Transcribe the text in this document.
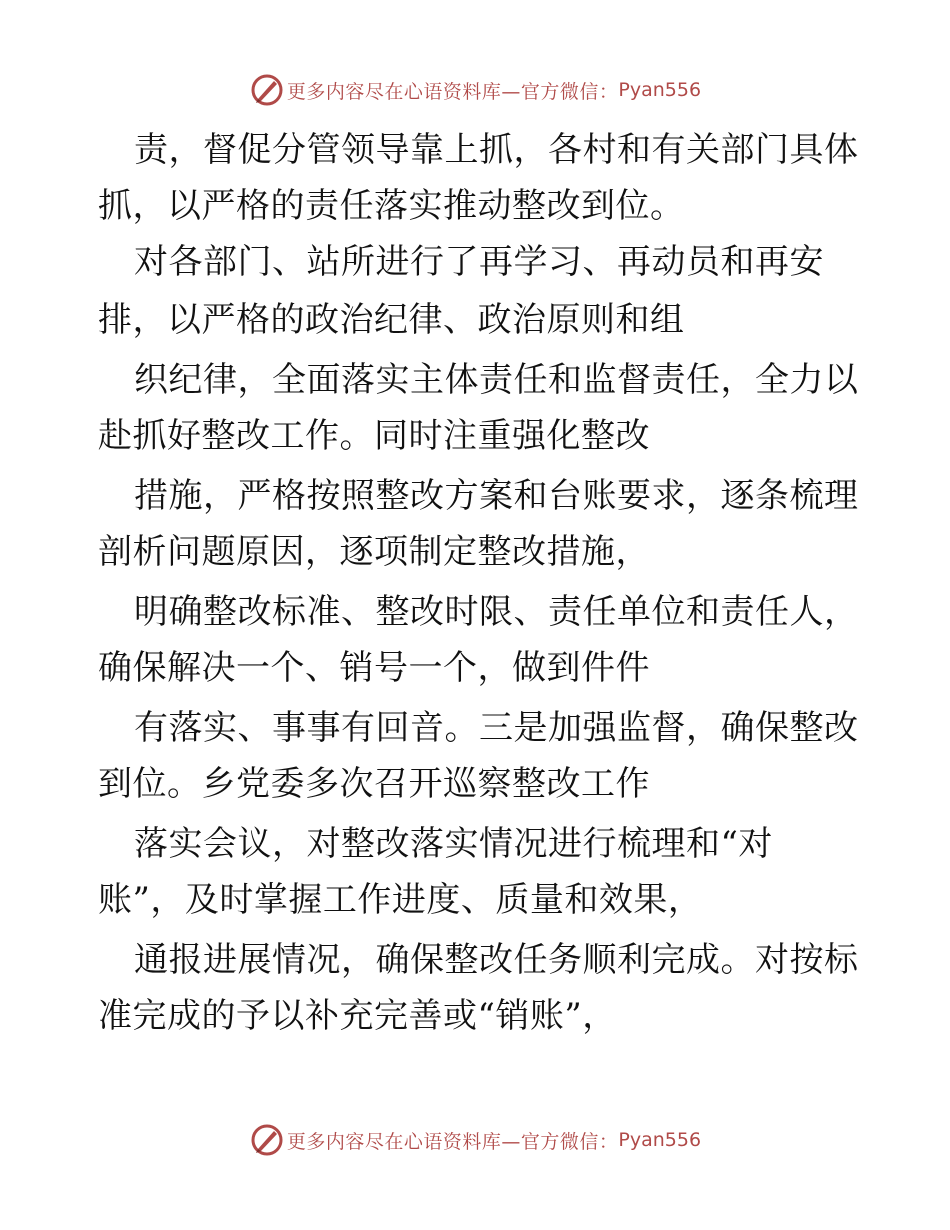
更多内容尽在心语资料库—官方微信： Pyan556
责，督促分管领导靠上抓，各村和有关部门具体
抓，以严格的责任落实推动整改到位。
对各部门、站所进行了再学习、再动员和再安
排，以严格的政治纪律、政治原则和组
织纪律，全面落实主体责任和监督责任，全力以
赴抓好整改工作。同时注重强化整改
措施，严格按照整改方案和台账要求，逐条梳理
剖析问题原因，逐项制定整改措施，
明确整改标准、整改时限、责任单位和责任人，
确保解决一个、销号一个，做到件件
有落实、事事有回音。三是加强监督，确保整改
到位。乡党委多次召开巡察整改工作
落实会议，对整改落实情况进行梳理和“对
账”，及时掌握工作进度、质量和效果，
通报进展情况，确保整改任务顺利完成。对按标
准完成的予以补充完善或“销账”，
更多内容尽在心语资料库—官方微信： Pyan556
